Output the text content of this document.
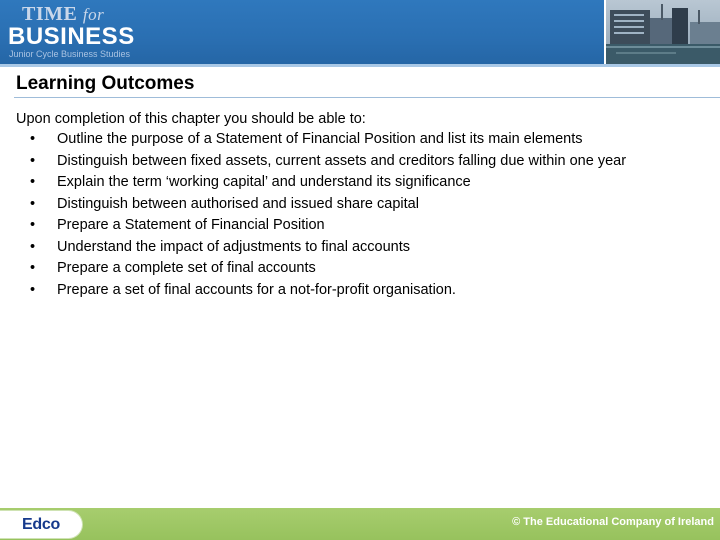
TIME for
BUSINESS
Junior Cycle Business Studies
Learning Outcomes

Upon completion of this chapter you should be able to:

• Outline the purpose of a Statement of Financial Position and list its main elements
• Distinguish between fixed assets, current assets and creditors falling due within one year
• Explain the term ‘working capital’ and understand its significance
• Distinguish between authorised and issued share capital
• Prepare a Statement of Financial Position
• Understand the impact of adjustments to final accounts
• Prepare a complete set of final accounts
• Prepare a set of final accounts for a not-for-profit organisation.
Edco	© The Educational Company of Ireland
